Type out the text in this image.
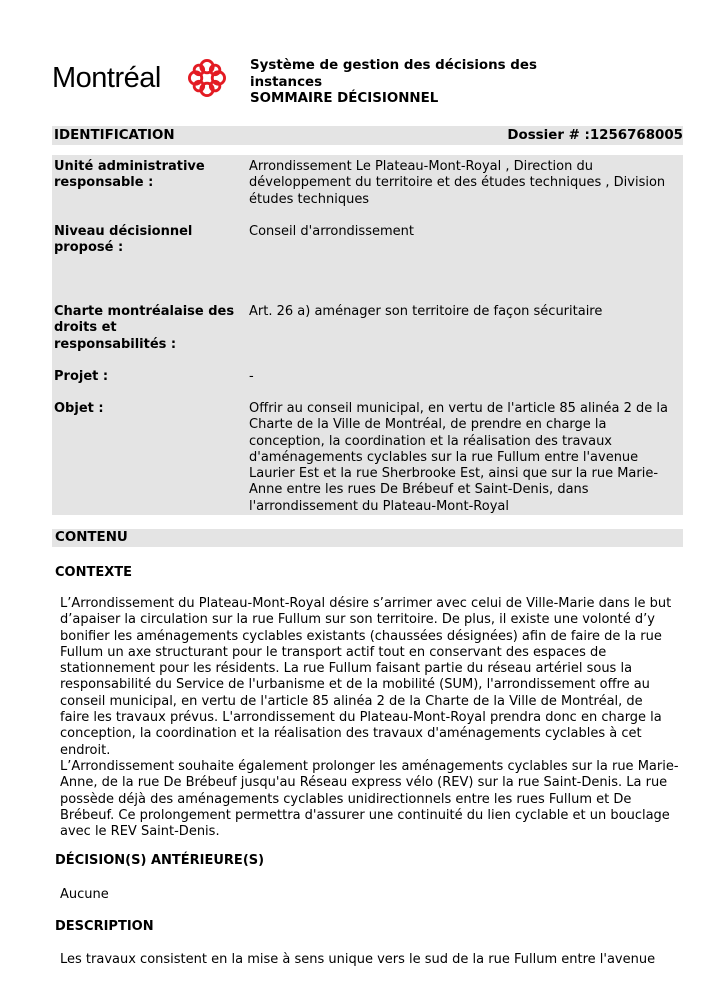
Montréal	Système de gestion des décisions des
instances
SOMMAIRE DÉCISIONNEL
IDENTIFICATION	Dossier # :1256768005
Unité administrative
responsable :
Arrondissement Le Plateau-Mont-Royal , Direction du
développement du territoire et des études techniques , Division
études techniques
Niveau décisionnel
proposé :
Conseil d'arrondissement
Charte montréalaise des
droits et
responsabilités :
Art. 26 a) aménager son territoire de façon sécuritaire
Projet :	-
Objet :	Offrir au conseil municipal, en vertu de l'article 85 alinéa 2 de la
Charte de la Ville de Montréal, de prendre en charge la
conception, la coordination et la réalisation des travaux
d'aménagements cyclables sur la rue Fullum entre l'avenue
Laurier Est et la rue Sherbrooke Est, ainsi que sur la rue Marie-
Anne entre les rues De Brébeuf et Saint-Denis, dans
l'arrondissement du Plateau-Mont-Royal
CONTENU
CONTEXTE
L’Arrondissement du Plateau-Mont-Royal désire s’arrimer avec celui de Ville-Marie dans le but
d’apaiser la circulation sur la rue Fullum sur son territoire. De plus, il existe une volonté d’y
bonifier les aménagements cyclables existants (chaussées désignées) afin de faire de la rue
Fullum un axe structurant pour le transport actif tout en conservant des espaces de
stationnement pour les résidents. La rue Fullum faisant partie du réseau artériel sous la
responsabilité du Service de l'urbanisme et de la mobilité (SUM), l'arrondissement offre au
conseil municipal, en vertu de l'article 85 alinéa 2 de la Charte de la Ville de Montréal, de
faire les travaux prévus. L'arrondissement du Plateau-Mont-Royal prendra donc en charge la
conception, la coordination et la réalisation des travaux d'aménagements cyclables à cet
endroit.
L’Arrondissement souhaite également prolonger les aménagements cyclables sur la rue Marie-
Anne, de la rue De Brébeuf jusqu'au Réseau express vélo (REV) sur la rue Saint-Denis. La rue
possède déjà des aménagements cyclables unidirectionnels entre les rues Fullum et De
Brébeuf. Ce prolongement permettra d'assurer une continuité du lien cyclable et un bouclage
avec le REV Saint-Denis.
DÉCISION(S) ANTÉRIEURE(S)
Aucune
DESCRIPTION
Les travaux consistent en la mise à sens unique vers le sud de la rue Fullum entre l'avenue
